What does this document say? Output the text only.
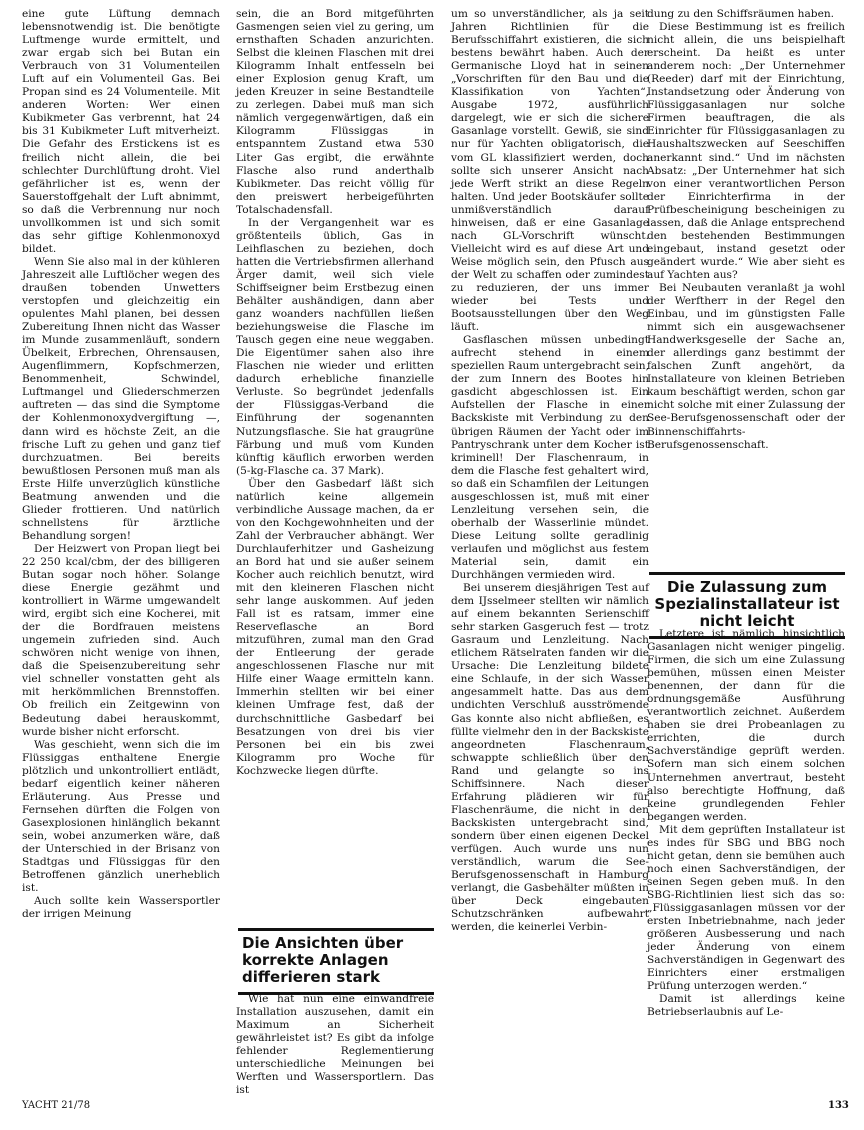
eine gute Lüftung demnach lebensnotwendig ist. Die benötigte Luftmenge wurde ermittelt, und zwar ergab sich bei Butan ein Verbrauch von 31 Volumenteilen Luft auf ein Volumenteil Gas. Bei Propan sind es 24 Volumenteile. Mit anderen Worten: Wer einen Kubikmeter Gas verbrennt, hat 24 bis 31 Kubikmeter Luft mitverheizt. Die Gefahr des Erstickens ist es freilich nicht allein, die bei schlechter Durchlüftung droht. Viel gefährlicher ist es, wenn der Sauerstoffgehalt der Luft abnimmt, so daß die Verbrennung nur noch unvollkommen ist und sich somit das sehr giftige Kohlenmonoxyd bildet.

Wenn Sie also mal in der kühleren Jahreszeit alle Luftlöcher wegen des draußen tobenden Unwetters verstopfen und gleichzeitig ein opulentes Mahl planen, bei dessen Zubereitung Ihnen nicht das Wasser im Munde zusammenläuft, sondern Übelkeit, Erbrechen, Ohrensausen, Augenflimmern, Kopfschmerzen, Benommenheit, Schwindel, Luftmangel und Gliederschmerzen auftreten — das sind die Symptome der Kohlenmonoxydvergiftung —, dann wird es höchste Zeit, an die frische Luft zu gehen und ganz tief durchzuatmen. Bei bereits bewußtlosen Personen muß man als Erste Hilfe unverzüglich künstliche Beatmung anwenden und die Glieder frottieren. Und natürlich schnellstens für ärztliche Behandlung sorgen!

Der Heizwert von Propan liegt bei 22 250 kcal/cbm, der des billigeren Butan sogar noch höher. Solange diese Energie gezähmt und kontrolliert in Wärme umgewandelt wird, ergibt sich eine Kocherei, mit der die Bordfrauen meistens ungemein zufrieden sind. Auch schwören nicht wenige von ihnen, daß die Speisenzubereitung sehr viel schneller vonstatten geht als mit herkömmlichen Brennstoffen. Ob freilich ein Zeitgewinn von Bedeutung dabei herauskommt, wurde bisher nicht erforscht.

Was geschieht, wenn sich die im Flüssiggas enthaltene Energie plötzlich und unkontrolliert entlädt, bedarf eigentlich keiner näheren Erläuterung. Aus Presse und Fernsehen dürften die Folgen von Gasexplosionen hinlänglich bekannt sein, wobei anzumerken wäre, daß der Unterschied in der Brisanz von Stadtgas und Flüssiggas für den Betroffenen gänzlich unerheblich ist.

Auch sollte kein Wassersportler der irrigen Meinung

sein, die an Bord mitgeführten Gasmengen seien viel zu gering, um ernsthaften Schaden anzurichten. Selbst die kleinen Flaschen mit drei Kilogramm Inhalt entfesseln bei einer Explosion genug Kraft, um jeden Kreuzer in seine Bestandteile zu zerlegen. Dabei muß man sich nämlich vergegenwärtigen, daß ein Kilogramm Flüssiggas in entspanntem Zustand etwa 530 Liter Gas ergibt, die erwähnte Flasche also rund anderthalb Kubikmeter. Das reicht völlig für den preiswert herbeigeführten Totalschadensfall.

In der Vergangenheit war es größtenteils üblich, Gas in Leihflaschen zu beziehen, doch hatten die Vertriebsfirmen allerhand Ärger damit, weil sich viele Schiffseigner beim Erstbezug einen Behälter aushändigen, dann aber ganz woanders nachfüllen ließen beziehungsweise die Flasche im Tausch gegen eine neue weggaben. Die Eigentümer sahen also ihre Flaschen nie wieder und erlitten dadurch erhebliche finanzielle Verluste. So begründet jedenfalls der Flüssiggas-Verband die Einführung der sogenannten Nutzungsflasche. Sie hat graugrüne Färbung und muß vom Kunden künftig käuflich erworben werden (5-kg-Flasche ca. 37 Mark).

Über den Gasbedarf läßt sich natürlich keine allgemein verbindliche Aussage machen, da er von den Kochgewohnheiten und der Zahl der Verbraucher abhängt. Wer Durchlauferhitzer und Gasheizung an Bord hat und sie außer seinem Kocher auch reichlich benutzt, wird mit den kleineren Flaschen nicht sehr lange auskommen. Auf jeden Fall ist es ratsam, immer eine Reserveflasche an Bord mitzuführen, zumal man den Grad der Entleerung der gerade angeschlossenen Flasche nur mit Hilfe einer Waage ermitteln kann. Immerhin stellten wir bei einer kleinen Umfrage fest, daß der durchschnittliche Gasbedarf bei Besatzungen von drei bis vier Personen bei ein bis zwei Kilogramm pro Woche für Kochzwecke liegen dürfte.

Die Ansichten über korrekte Anlagen differieren stark

Wie hat nun eine einwandfreie Installation auszusehen, damit ein Maximum an Sicherheit gewährleistet ist? Es gibt da infolge fehlender Reglementierung unterschiedliche Meinungen bei Werften und Wassersportlern. Das ist

um so unverständlicher, als ja seit Jahren Richtlinien für die Berufsschiffahrt existieren, die sich bestens bewährt haben. Auch der Germanische Lloyd hat in seinen „Vorschriften für den Bau und die Klassifikation von Yachten“, Ausgabe 1972, ausführlich dargelegt, wie er sich die sichere Gasanlage vorstellt. Gewiß, sie sind nur für Yachten obligatorisch, die vom GL klassifiziert werden, doch sollte sich unserer Ansicht nach jede Werft strikt an diese Regeln halten. Und jeder Bootskäufer sollte unmißverständlich darauf hinweisen, daß er eine Gasanlage nach GL-Vorschrift wünscht. Vielleicht wird es auf diese Art und Weise möglich sein, den Pfusch aus der Welt zu schaffen oder zumindest zu reduzieren, der uns immer wieder bei Tests und Bootsausstellungen über den Weg läuft.

Gasflaschen müssen unbedingt aufrecht stehend in einem speziellen Raum untergebracht sein, der zum Innern des Bootes hin gasdicht abgeschlossen ist. Ein Aufstellen der Flasche in einer Backskiste mit Verbindung zu den übrigen Räumen der Yacht oder im Pantryschrank unter dem Kocher ist kriminell! Der Flaschenraum, in dem die Flasche fest gehaltert wird, so daß ein Schamfilen der Leitungen ausgeschlossen ist, muß mit einer Lenzleitung versehen sein, die oberhalb der Wasserlinie mündet. Diese Leitung sollte geradlinig verlaufen und möglichst aus festem Material sein, damit ein Durchhängen vermieden wird.

Bei unserem diesjährigen Test auf dem IJsselmeer stellten wir nämlich auf einem bekannten Serienschiff sehr starken Gasgeruch fest — trotz Gasraum und Lenzleitung. Nach etlichem Rätselraten fanden wir die Ursache: Die Lenzleitung bildete eine Schlaufe, in der sich Wasser angesammelt hatte. Das aus dem undichten Verschluß ausströmende Gas konnte also nicht abfließen, es füllte vielmehr den in der Backskiste angeordneten Flaschenraum, schwappte schließlich über den Rand und gelangte so ins Schiffsinnere. Nach dieser Erfahrung plädieren wir für Flaschenräume, die nicht in den Backskisten untergebracht sind, sondern über einen eigenen Deckel verfügen. Auch wurde uns nun verständlich, warum die See-Berufsgenossenschaft in Hamburg verlangt, die Gasbehälter müßten in über Deck eingebauten Schutzschränken aufbewahrt werden, die keinerlei Verbin-

dung zu den Schiffsräumen haben.

Diese Bestimmung ist es freilich nicht allein, die uns beispielhaft erscheint. Da heißt es unter anderem noch: „Der Unternehmer (Reeder) darf mit der Einrichtung, Instandsetzung oder Änderung von Flüssiggasanlagen nur solche Firmen beauftragen, die als Einrichter für Flüssiggasanlagen zu Haushaltszwecken auf Seeschiffen anerkannt sind.“ Und im nächsten Absatz: „Der Unternehmer hat sich von einer verantwortlichen Person der Einrichterfirma in der Prüfbescheinigung bescheinigen zu lassen, daß die Anlage entsprechend den bestehenden Bestimmungen eingebaut, instand gesetzt oder geändert wurde.“ Wie aber sieht es auf Yachten aus?

Bei Neubauten veranlaßt ja wohl der Werftherr in der Regel den Einbau, und im günstigsten Falle nimmt sich ein ausgewachsener Handwerksgeselle der Sache an, der allerdings ganz bestimmt der falschen Zunft angehört, da Installateure von kleinen Betrieben kaum beschäftigt werden, schon gar nicht solche mit einer Zulassung der See-Berufsgenossenschaft oder der Binnenschiffahrts-Berufsgenossenschaft.

Die Zulassung zum Spezialinstallateur ist nicht leicht

Letztere ist nämlich hinsichtlich Gasanlagen nicht weniger pingelig. Firmen, die sich um eine Zulassung bemühen, müssen einen Meister benennen, der dann für die ordnungsgemäße Ausführung verantwortlich zeichnet. Außerdem haben sie drei Probeanlagen zu errichten, die durch Sachverständige geprüft werden. Sofern man sich einem solchen Unternehmen anvertraut, besteht also berechtigte Hoffnung, daß keine grundlegenden Fehler begangen werden.

Mit dem geprüften Installateur ist es indes für SBG und BBG noch nicht getan, denn sie bemühen auch noch einen Sachverständigen, der seinen Segen geben muß. In den SBG-Richtlinien liest sich das so: „Flüssiggasanlagen müssen vor der ersten Inbetriebnahme, nach jeder größeren Ausbesserung und nach jeder Änderung von einem Sachverständigen in Gegenwart des Einrichters einer erstmaligen Prüfung unterzogen werden.“

Damit ist allerdings keine Betriebserlaubnis auf Le-

YACHT 21/78	133
